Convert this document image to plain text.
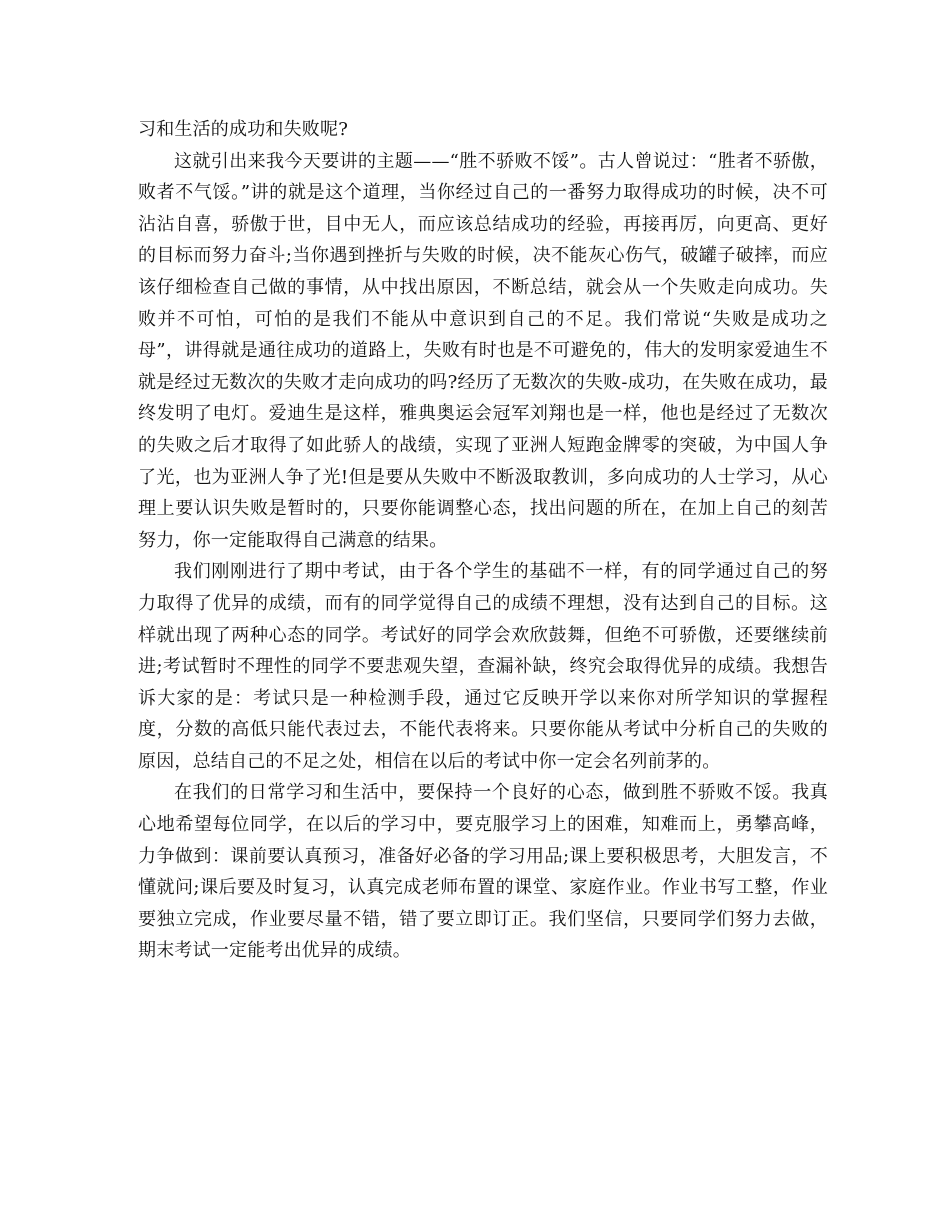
习和生活的成功和失败呢?

这就引出来我今天要讲的主题——“胜不骄败不馁”。古人曾说过：“胜者不骄傲，败者不气馁。”讲的就是这个道理，当你经过自己的一番努力取得成功的时候，决不可沾沾自喜，骄傲于世，目中无人，而应该总结成功的经验，再接再厉，向更高、更好的目标而努力奋斗;当你遇到挫折与失败的时候，决不能灰心伤气，破罐子破摔，而应该仔细检查自己做的事情，从中找出原因，不断总结，就会从一个失败走向成功。失败并不可怕，可怕的是我们不能从中意识到自己的不足。我们常说“失败是成功之母”，讲得就是通往成功的道路上，失败有时也是不可避免的，伟大的发明家爱迪生不就是经过无数次的失败才走向成功的吗?经历了无数次的失败-成功，在失败在成功，最终发明了电灯。爱迪生是这样，雅典奥运会冠军刘翔也是一样，他也是经过了无数次的失败之后才取得了如此骄人的战绩，实现了亚洲人短跑金牌零的突破，为中国人争了光，也为亚洲人争了光!但是要从失败中不断汲取教训，多向成功的人士学习，从心理上要认识失败是暂时的，只要你能调整心态，找出问题的所在，在加上自己的刻苦努力，你一定能取得自己满意的结果。

我们刚刚进行了期中考试，由于各个学生的基础不一样，有的同学通过自己的努力取得了优异的成绩，而有的同学觉得自己的成绩不理想，没有达到自己的目标。这样就出现了两种心态的同学。考试好的同学会欢欣鼓舞，但绝不可骄傲，还要继续前进;考试暂时不理性的同学不要悲观失望，查漏补缺，终究会取得优异的成绩。我想告诉大家的是：考试只是一种检测手段，通过它反映开学以来你对所学知识的掌握程度，分数的高低只能代表过去，不能代表将来。只要你能从考试中分析自己的失败的原因，总结自己的不足之处，相信在以后的考试中你一定会名列前茅的。

在我们的日常学习和生活中，要保持一个良好的心态，做到胜不骄败不馁。我真心地希望每位同学，在以后的学习中，要克服学习上的困难，知难而上，勇攀高峰，力争做到：课前要认真预习，准备好必备的学习用品;课上要积极思考，大胆发言，不懂就问;课后要及时复习，认真完成老师布置的课堂、家庭作业。作业书写工整，作业要独立完成，作业要尽量不错，错了要立即订正。我们坚信，只要同学们努力去做，期末考试一定能考出优异的成绩。
